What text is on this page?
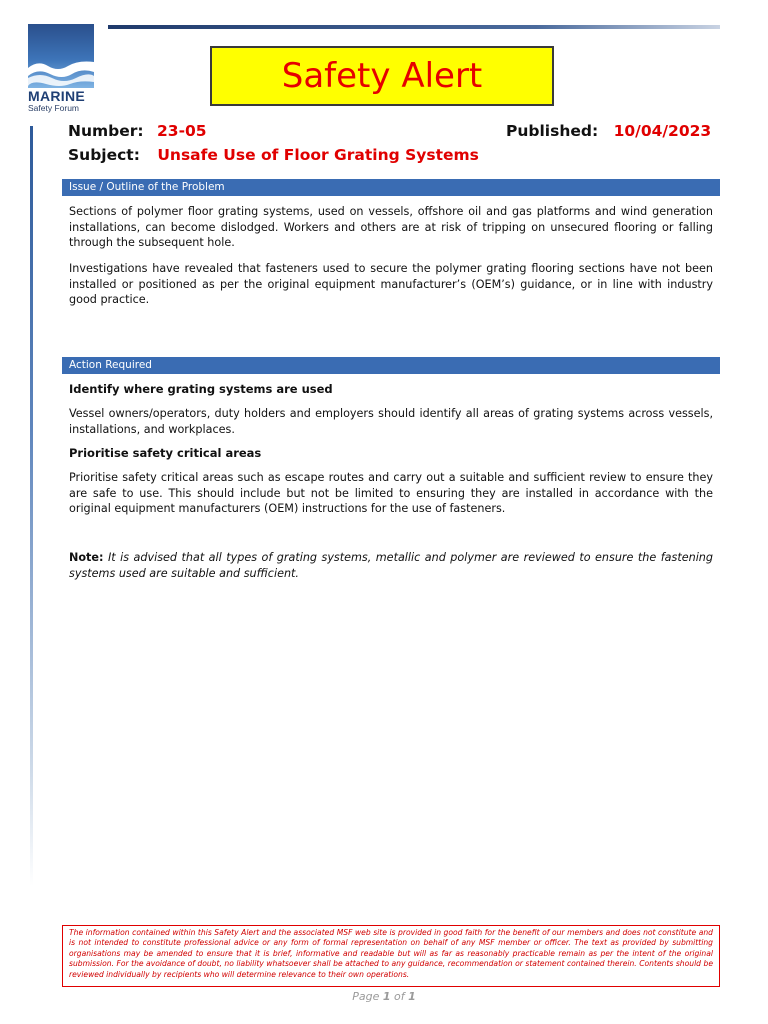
MARINE
Safety Forum
Safety Alert
Number: 23-05	Published: 10/04/2023
Subject: Unsafe Use of Floor Grating Systems
Issue / Outline of the Problem
Sections of polymer floor grating systems, used on vessels, offshore oil and gas platforms and wind generation installations, can become dislodged. Workers and others are at risk of tripping on unsecured flooring or falling through the subsequent hole.
Investigations have revealed that fasteners used to secure the polymer grating flooring sections have not been installed or positioned as per the original equipment manufacturer’s (OEM’s) guidance, or in line with industry good practice.
Action Required
Identify where grating systems are used
Vessel owners/operators, duty holders and employers should identify all areas of grating systems across vessels, installations, and workplaces.
Prioritise safety critical areas
Prioritise safety critical areas such as escape routes and carry out a suitable and sufficient review to ensure they are safe to use. This should include but not be limited to ensuring they are installed in accordance with the original equipment manufacturers (OEM) instructions for the use of fasteners.
Note: It is advised that all types of grating systems, metallic and polymer are reviewed to ensure the fastening systems used are suitable and sufficient.
The information contained within this Safety Alert and the associated MSF web site is provided in good faith for the benefit of our members and does not constitute and is not intended to constitute professional advice or any form of formal representation on behalf of any MSF member or officer. The text as provided by submitting organisations may be amended to ensure that it is brief, informative and readable but will as far as reasonably practicable remain as per the intent of the original submission. For the avoidance of doubt, no liability whatsoever shall be attached to any guidance, recommendation or statement contained therein. Contents should be reviewed individually by recipients who will determine relevance to their own operations.
Page 1 of 1
